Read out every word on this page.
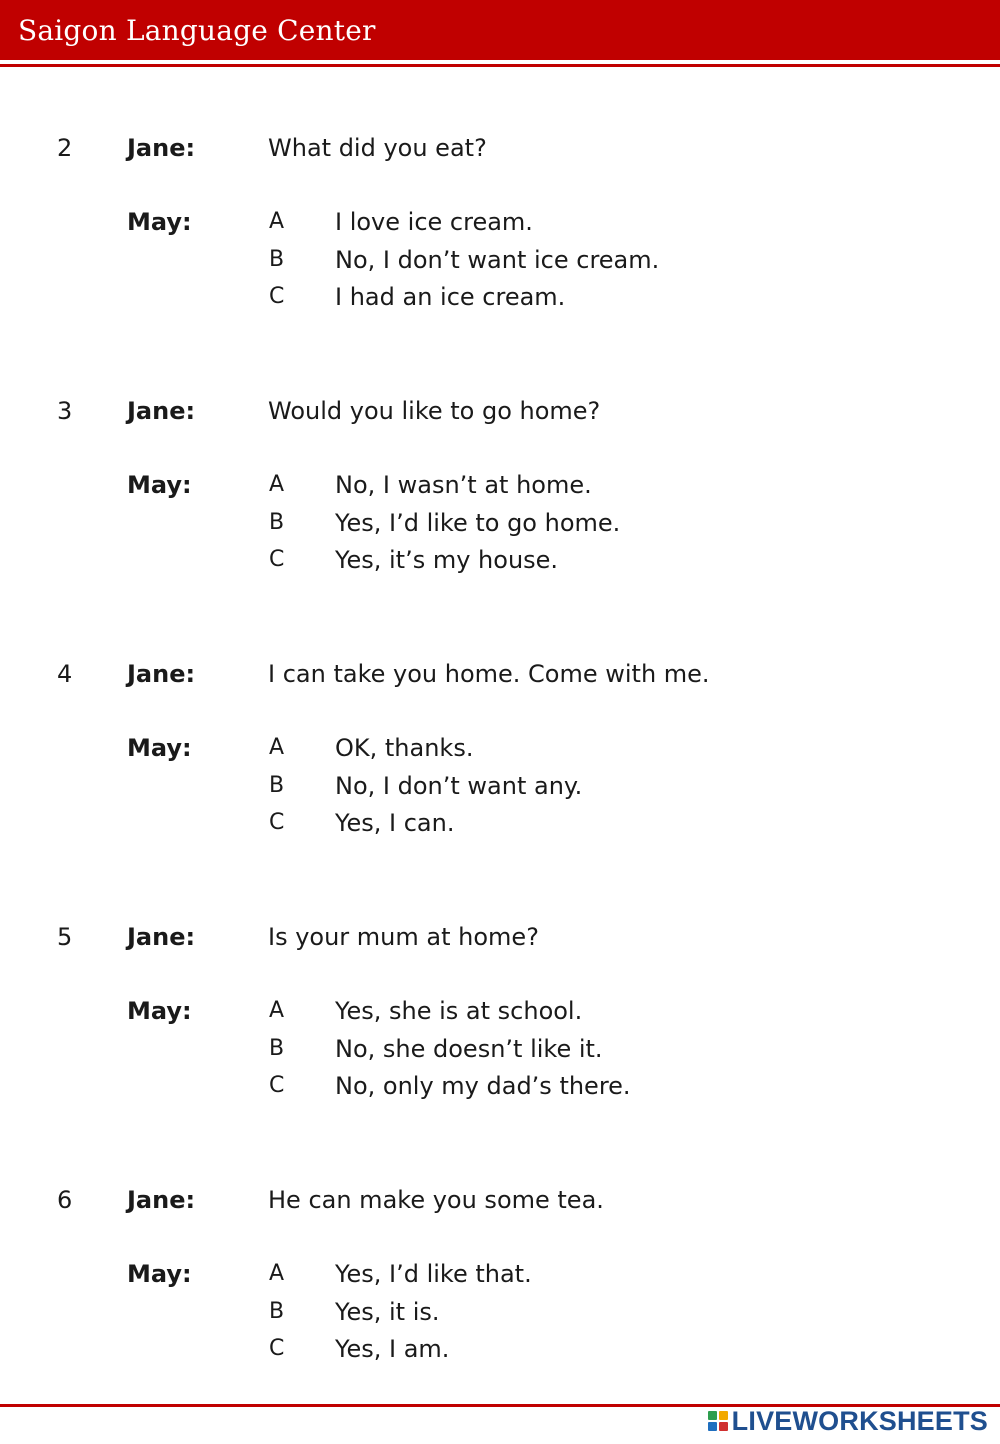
Saigon Language Center
2 Jane:	What did you eat?
May:	A I love ice cream.
B No, I don’t want ice cream.
C I had an ice cream.
3 Jane:	Would you like to go home?
May:	A No, I wasn’t at home.
B Yes, I’d like to go home.
C Yes, it’s my house.
4 Jane:	I can take you home. Come with me.
May:	A OK, thanks.
B No, I don’t want any.
C Yes, I can.
5 Jane:	Is your mum at home?
May:	A Yes, she is at school.
B No, she doesn’t like it.
C No, only my dad’s there.
6 Jane:	He can make you some tea.
May:	A Yes, I’d like that.
B Yes, it is.
C Yes, I am.
LIVEWORKSHEETS
